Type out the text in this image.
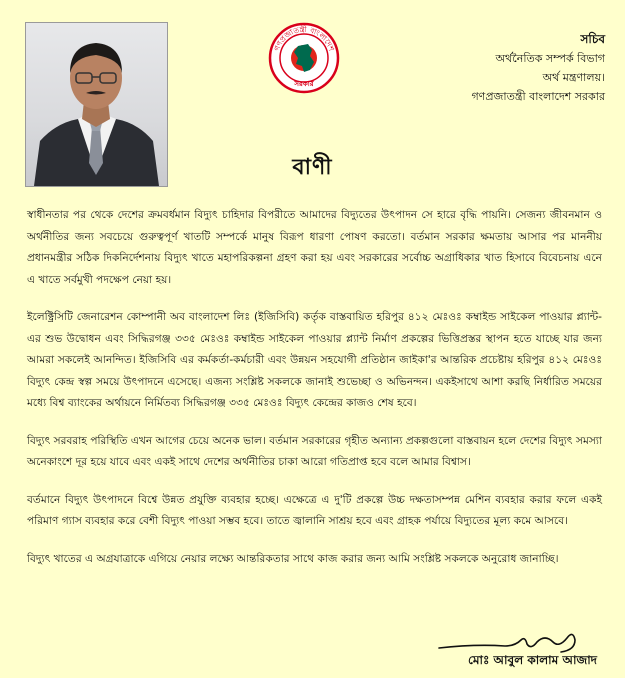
গণপ্রজাতন্ত্রী বাংলাদেশ
সরকার
সচিব
অর্থনৈতিক সম্পর্ক বিভাগ
অর্থ মন্ত্রণালয়।
গণপ্রজাতন্ত্রী বাংলাদেশ সরকার
বাণী

স্বাধীনতার পর থেকে দেশের ক্রমবর্ধমান বিদ্যুৎ চাহিদার বিপরীতে আমাদের বিদ্যুতের উৎপাদন সে হারে বৃদ্ধি পায়নি। সেজন্য জীবনমান ও অর্থনীতির জন্য সবচেয়ে গুরুত্বপূর্ণ খাতটি সম্পর্কে মানুষ বিরূপ ধারণা পোষণ করতো। বর্তমান সরকার ক্ষমতায় আসার পর মাননীয় প্রধানমন্ত্রীর সঠিক দিকনির্দেশনায় বিদ্যুৎ খাতে মহাপরিকল্পনা গ্রহণ করা হয় এবং সরকারের সর্বোচ্চ অগ্রাধিকার খাত হিসাবে বিবেচনায় এনে এ খাতে সর্বমুখী পদক্ষেপ নেয়া হয়।

ইলেক্ট্রিসিটি জেনারেশন কোম্পানী অব বাংলাদেশ লিঃ (ইজিসিবি) কর্তৃক বাস্তবায়িত হরিপুর ৪১২ মেঃওঃ কম্বাইন্ড সাইকেল পাওয়ার প্ল্যান্ট-এর শুভ উদ্বোধন এবং সিদ্ধিরগঞ্জ ৩৩৫ মেঃওঃ কম্বাইন্ড সাইকেল পাওয়ার প্ল্যান্ট নির্মাণ প্রকল্পের ভিত্তিপ্রস্তর স্থাপন হতে যাচ্ছে যার জন্য আমরা সকলেই আনন্দিত। ইজিসিবি এর কর্মকর্তা-কর্মচারী এবং উন্নয়ন সহযোগী প্রতিষ্ঠান জাইকা'র আন্তরিক প্রচেষ্টায় হরিপুর ৪১২ মেঃওঃ বিদ্যুৎ কেন্দ্র স্বল্প সময়ে উৎপাদনে এসেছে। এজন্য সংশ্লিষ্ট সকলকে জানাই শুভেচ্ছা ও অভিনন্দন। একইসাথে আশা করছি নির্ধারিত সময়ের মধ্যে বিশ্ব ব্যাংকের অর্থায়নে নির্মিতব্য সিদ্ধিরগঞ্জ ৩৩৫ মেঃওঃ বিদ্যুৎ কেন্দ্রের কাজও শেষ হবে।

বিদ্যুৎ সরবরাহ পরিস্থিতি এখন আগের চেয়ে অনেক ভাল। বর্তমান সরকারের গৃহীত অন্যান্য প্রকল্পগুলো বাস্তবায়ন হলে দেশের বিদ্যুৎ সমস্যা অনেকাংশে দূর হয়ে যাবে এবং একই সাথে দেশের অর্থনীতির চাকা আরো গতিপ্রাপ্ত হবে বলে আমার বিশ্বাস।

বর্তমানে বিদ্যুৎ উৎপাদনে বিশ্বে উন্নত প্রযুক্তি ব্যবহার হচ্ছে। এক্ষেত্রে এ দু'টি প্রকল্পে উচ্চ দক্ষতাসম্পন্ন মেশিন ব্যবহার করার ফলে একই পরিমাণ গ্যাস ব্যবহার করে বেশী বিদ্যুৎ পাওয়া সম্ভব হবে। তাতে জ্বালানি সাশ্রয় হবে এবং গ্রাহক পর্যায়ে বিদ্যুতের মূল্য কমে আসবে।

বিদ্যুৎ খাতের এ অগ্রযাত্রাকে এগিয়ে নেয়ার লক্ষ্যে আন্তরিকতার সাথে কাজ করার জন্য আমি সংশ্লিষ্ট সকলকে অনুরোধ জানাচ্ছি।

মোঃ আবুল কালাম আজাদ
